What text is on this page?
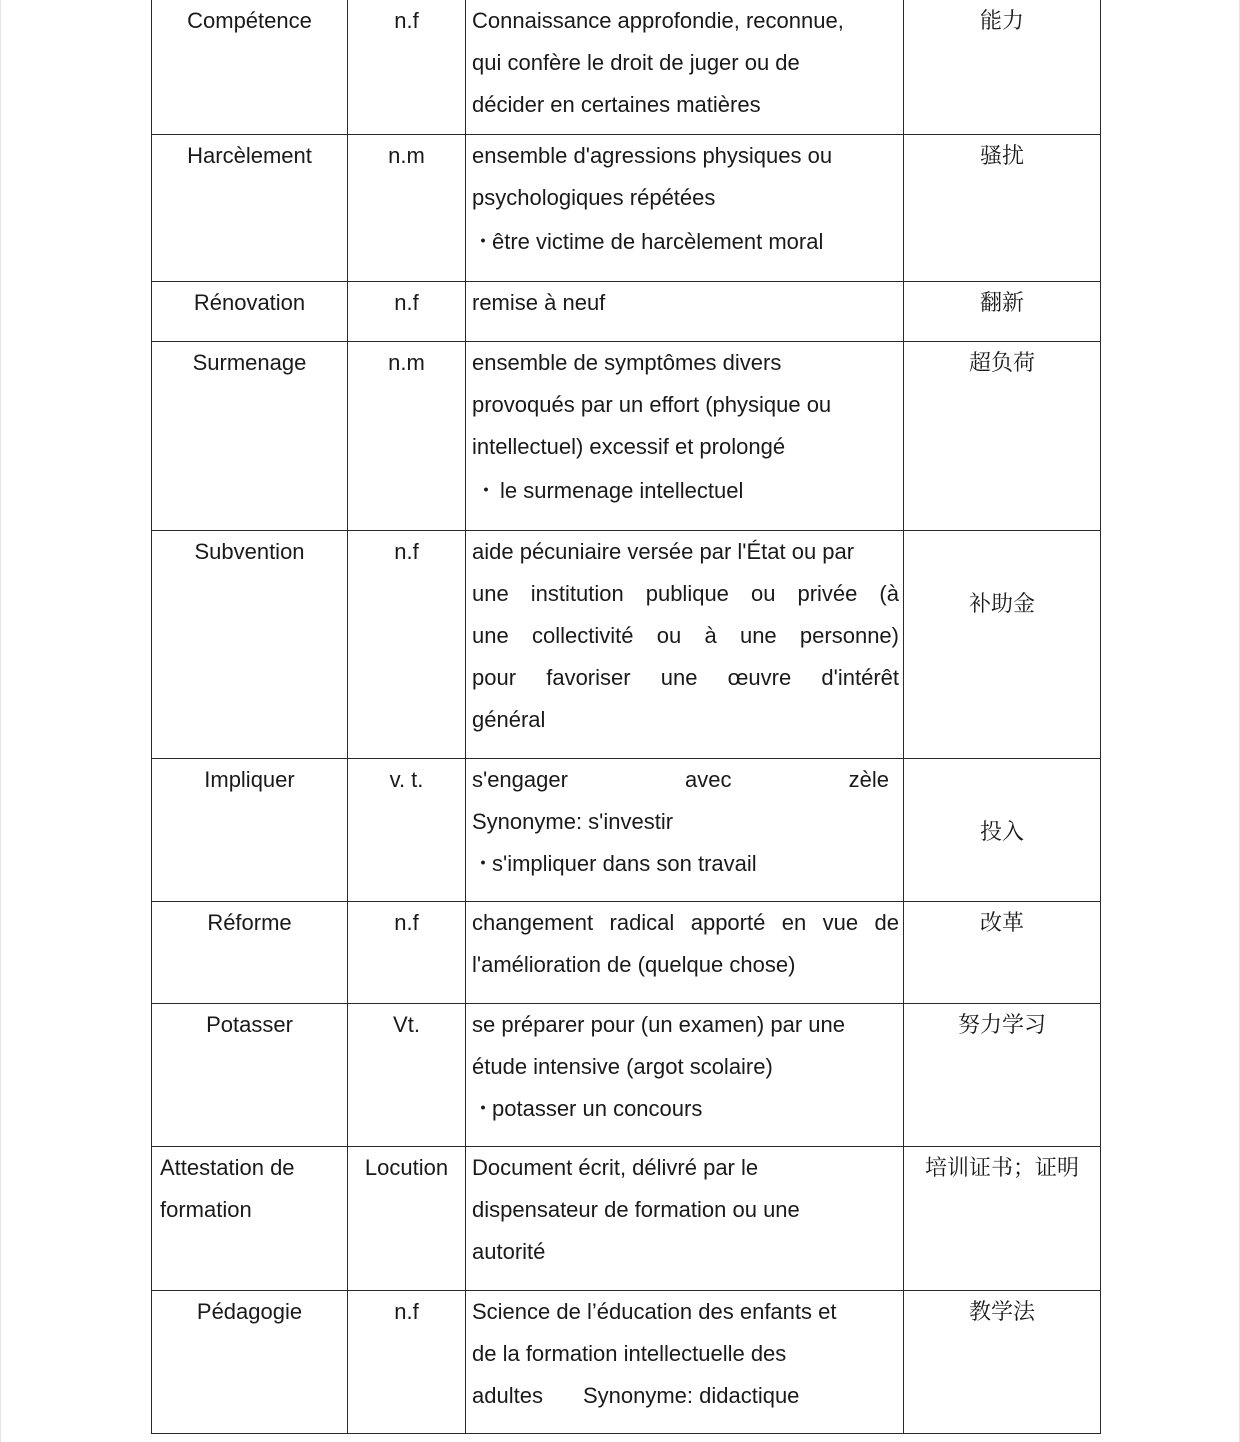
Compétence	n.f	Connaissance approfondie, reconnue,
qui confère le droit de juger ou de
décider en certaines matières	能力
Harcèlement	n.m	ensemble d'agressions physiques ou
psychologiques répétées
・être victime de harcèlement moral	骚扰
Rénovation	n.f	remise à neuf	翻新
Surmenage	n.m	ensemble de symptômes divers
provoqués par un effort (physique ou
intellectuel) excessif et prolongé
・ le surmenage intellectuel	超负荷
Subvention	n.f	aide pécuniaire versée par l'État ou par
une institution publique ou privée (à
une collectivité ou à une personne)
pour favoriser une œuvre d'intérêt
général	补助金
Impliquer	v. t.	s'engager avec zèle
Synonyme: s'investir
・s'impliquer dans son travail	投入
Réforme	n.f	changement radical apporté en vue de
l'amélioration de (quelque chose)	改革
Potasser	Vt.	se préparer pour (un examen) par une
étude intensive (argot scolaire)
・potasser un concours	努力学习
Attestation de formation	Locution	Document écrit, délivré par le
dispensateur de formation ou une
autorité	培训证书；证明
Pédagogie	n.f	Science de l’éducation des enfants et
de la formation intellectuelle des
adultes Synonyme: didactique	教学法
